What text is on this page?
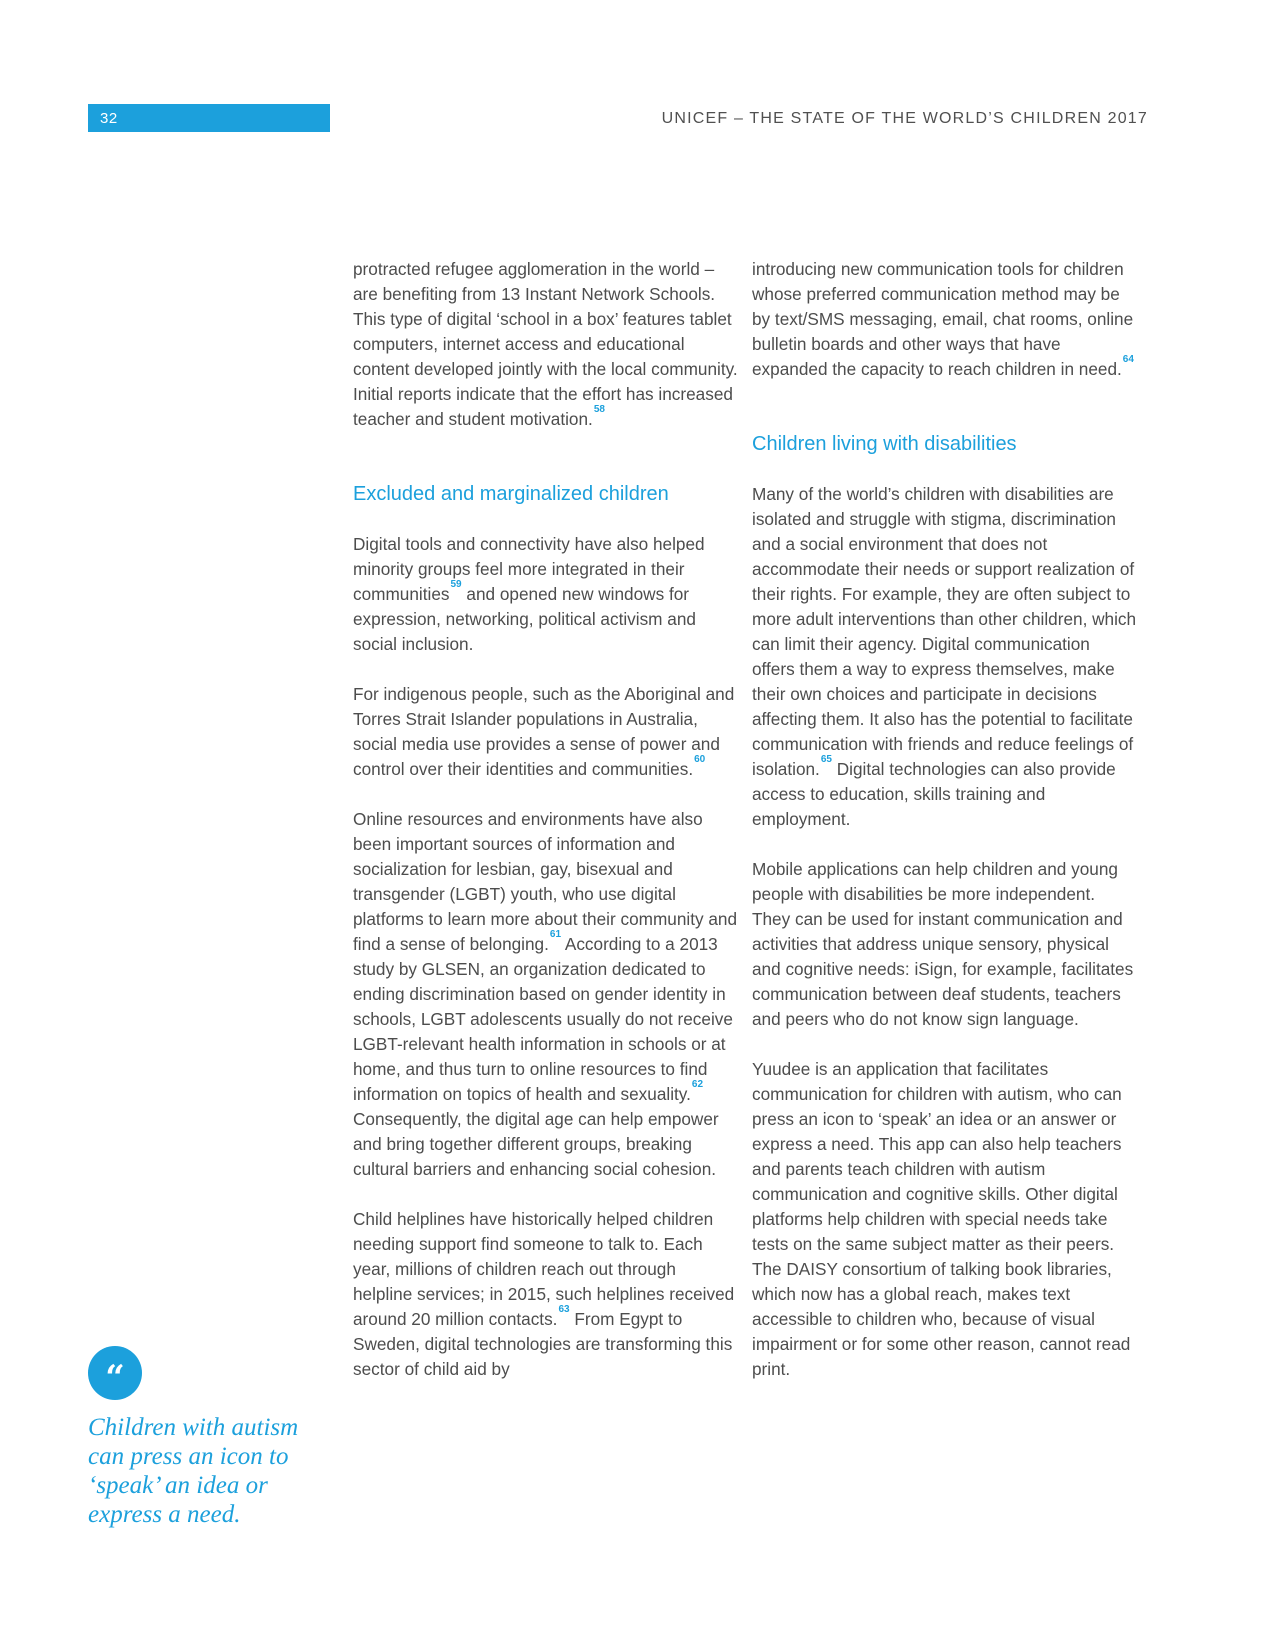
32	UNICEF – THE STATE OF THE WORLD’S CHILDREN 2017
“
Children with autism can press an icon to ‘speak’ an idea or express a need.

protracted refugee agglomeration in the world – are benefiting from 13 Instant Network Schools. This type of digital ‘school in a box’ features tablet computers, internet access and educational content developed jointly with the local community. Initial reports indicate that the effort has increased teacher and student motivation.$^{58}$

Excluded and marginalized children

Digital tools and connectivity have also helped minority groups feel more integrated in their communities$^{59}$ and opened new windows for expression, networking, political activism and social inclusion.

For indigenous people, such as the Aboriginal and Torres Strait Islander populations in Australia, social media use provides a sense of power and control over their identities and communities.$^{60}$

Online resources and environments have also been important sources of information and socialization for lesbian, gay, bisexual and transgender (LGBT) youth, who use digital platforms to learn more about their community and find a sense of belonging.$^{61}$ According to a 2013 study by GLSEN, an organization dedicated to ending discrimination based on gender identity in schools, LGBT adolescents usually do not receive LGBT-relevant health information in schools or at home, and thus turn to online resources to find information on topics of health and sexuality.$^{62}$ Consequently, the digital age can help empower and bring together different groups, breaking cultural barriers and enhancing social cohesion.

Child helplines have historically helped children needing support find someone to talk to. Each year, millions of children reach out through helpline services; in 2015, such helplines received around 20 million contacts.$^{63}$ From Egypt to Sweden, digital technologies are transforming this sector of child aid by

introducing new communication tools for children whose preferred communication method may be by text/SMS messaging, email, chat rooms, online bulletin boards and other ways that have expanded the capacity to reach children in need.$^{64}$

Children living with disabilities

Many of the world’s children with disabilities are isolated and struggle with stigma, discrimination and a social environment that does not accommodate their needs or support realization of their rights. For example, they are often subject to more adult interventions than other children, which can limit their agency. Digital communication offers them a way to express themselves, make their own choices and participate in decisions affecting them. It also has the potential to facilitate communication with friends and reduce feelings of isolation.$^{65}$ Digital technologies can also provide access to education, skills training and employment.

Mobile applications can help children and young people with disabilities be more independent. They can be used for instant communication and activities that address unique sensory, physical and cognitive needs: iSign, for example, facilitates communication between deaf students, teachers and peers who do not know sign language.

Yuudee is an application that facilitates communication for children with autism, who can press an icon to ‘speak’ an idea or an answer or express a need. This app can also help teachers and parents teach children with autism communication and cognitive skills. Other digital platforms help children with special needs take tests on the same subject matter as their peers. The DAISY consortium of talking book libraries, which now has a global reach, makes text accessible to children who, because of visual impairment or for some other reason, cannot read print.
